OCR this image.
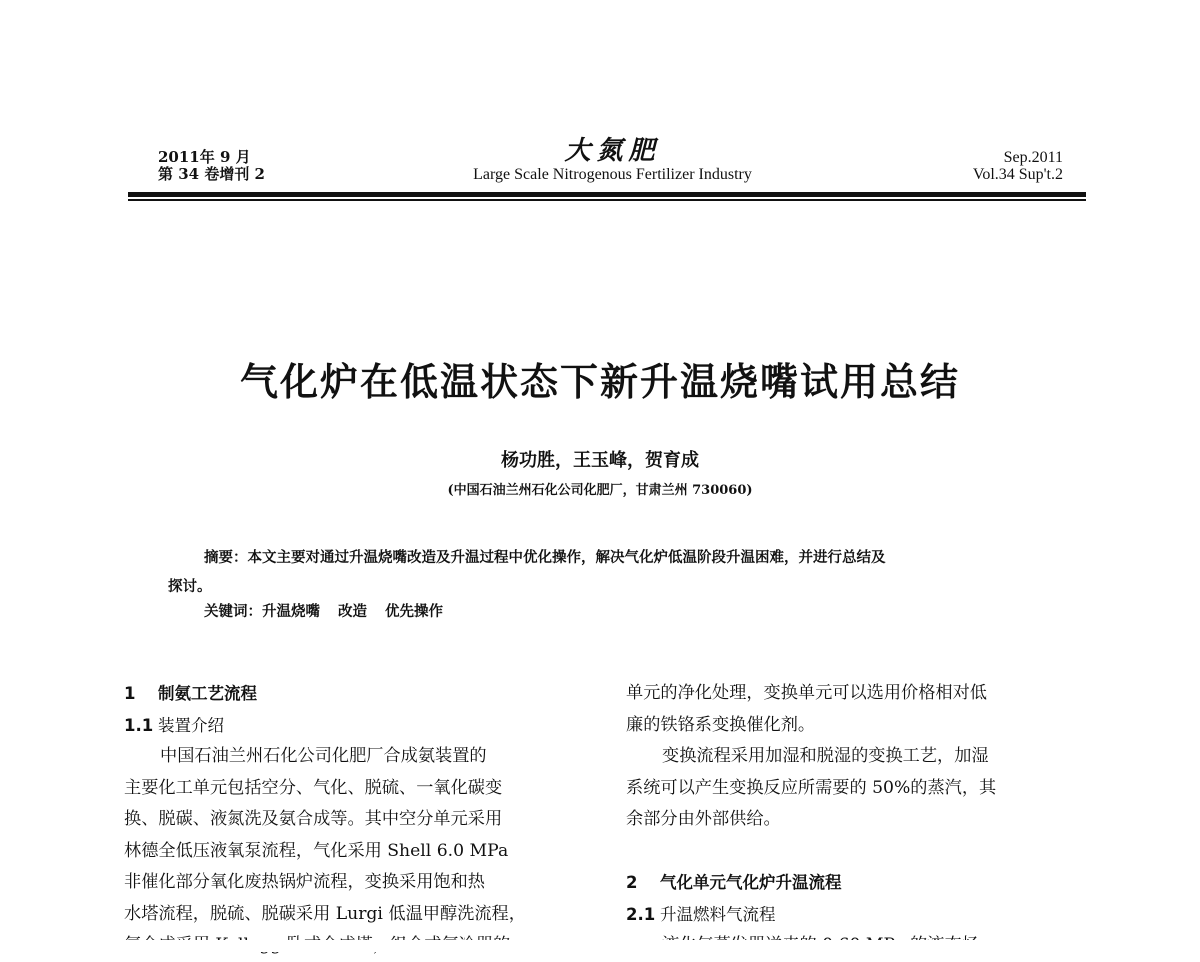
2011年 9 月
第 34 卷增刊 2
大氮肥
Large Scale Nitrogenous Fertilizer Industry
Sep.2011
Vol.34 Sup't.2
气化炉在低温状态下新升温烧嘴试用总结
杨功胜，王玉峰，贺育成
(中国石油兰州石化公司化肥厂，甘肃兰州 730060)
摘要：本文主要对通过升温烧嘴改造及升温过程中优化操作，解决气化炉低温阶段升温困难，并进行总结及
探讨。
关键词：升温烧嘴 改造 优先操作
1 制氨工艺流程
1.1 装置介绍
中国石油兰州石化公司化肥厂合成氨装置的
主要化工单元包括空分、气化、脱硫、一氧化碳变
换、脱碳、液氮洗及氨合成等。其中空分单元采用
林德全低压液氧泵流程，气化采用 Shell 6.0 MPa
非催化部分氧化废热锅炉流程，变换采用饱和热
水塔流程，脱硫、脱碳采用 Lurgi 低温甲醇洗流程，
单元的净化处理，变换单元可以选用价格相对低
廉的铁铬系变换催化剂。
变换流程采用加湿和脱湿的变换工艺，加湿
系统可以产生变换反应所需要的 50%的蒸汽，其
余部分由外部供给。
2 气化单元气化炉升温流程
2.1 升温燃料气流程
